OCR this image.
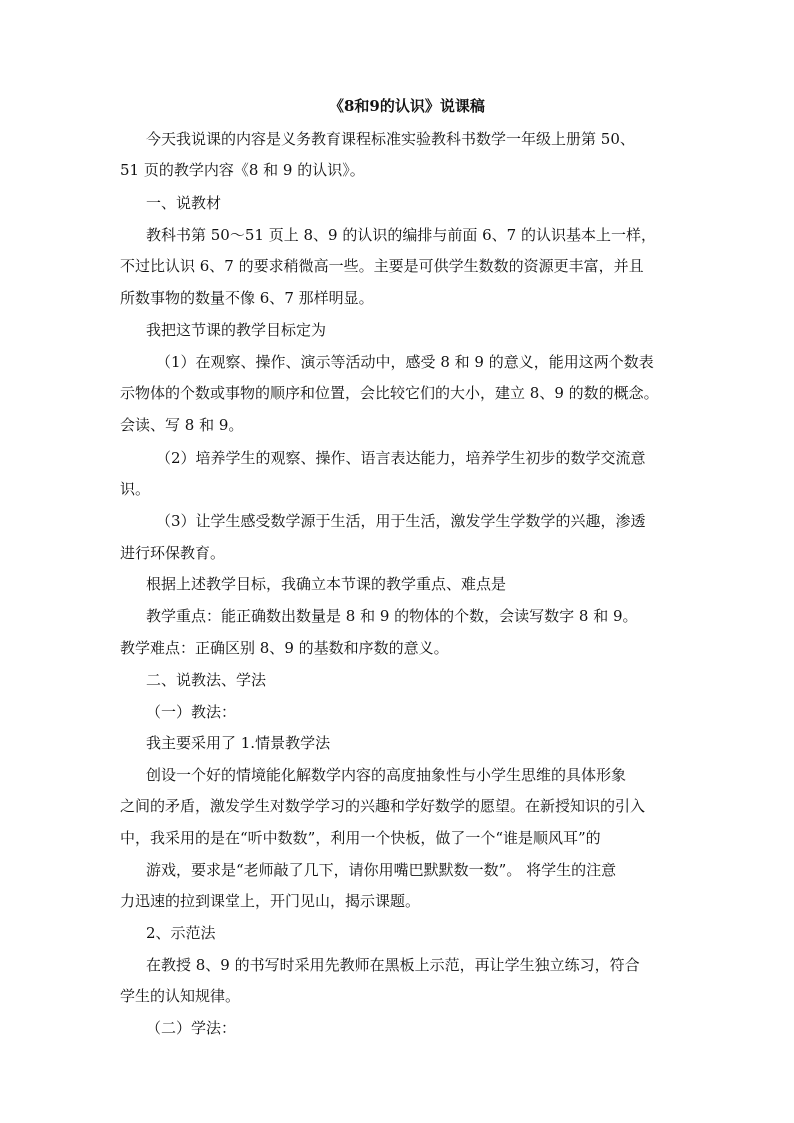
《8和9的认识》说课稿
今天我说课的内容是义务教育课程标准实验教科书数学一年级上册第 50、
51 页的教学内容《8 和 9 的认识》。
一、说教材
教科书第 50～51 页上 8、9 的认识的编排与前面 6、7 的认识基本上一样，
不过比认识 6、7 的要求稍微高一些。主要是可供学生数数的资源更丰富，并且
所数事物的数量不像 6、7 那样明显。
我把这节课的教学目标定为
（1）在观察、操作、演示等活动中，感受 8 和 9 的意义，能用这两个数表
示物体的个数或事物的顺序和位置，会比较它们的大小，建立 8、9 的数的概念。
会读、写 8 和 9。
（2）培养学生的观察、操作、语言表达能力，培养学生初步的数学交流意
识。
（3）让学生感受数学源于生活，用于生活，激发学生学数学的兴趣，渗透
进行环保教育。
根据上述教学目标，我确立本节课的教学重点、难点是
教学重点：能正确数出数量是 8 和 9 的物体的个数，会读写数字 8 和 9。
教学难点：正确区别 8、9 的基数和序数的意义。
二、说教法、学法
（一）教法：
我主要采用了 1.情景教学法
创设一个好的情境能化解数学内容的高度抽象性与小学生思维的具体形象
之间的矛盾，激发学生对数学学习的兴趣和学好数学的愿望。在新授知识的引入
中，我采用的是在“听中数数”，利用一个快板，做了一个“谁是顺风耳”的
游戏，要求是“老师敲了几下，请你用嘴巴默默数一数”。 将学生的注意
力迅速的拉到课堂上，开门见山，揭示课题。
2、示范法
在教授 8、9 的书写时采用先教师在黑板上示范，再让学生独立练习，符合
学生的认知规律。
（二）学法：
